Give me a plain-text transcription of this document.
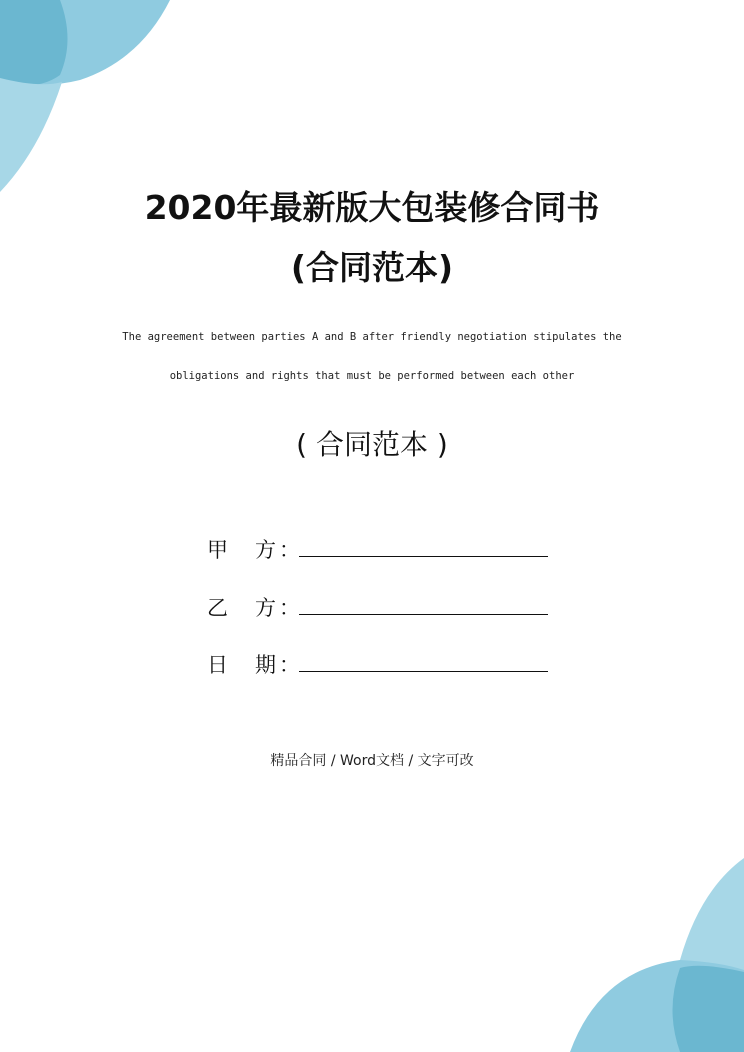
2020年最新版大包装修合同书
(合同范本)
The agreement between parties A and B after friendly negotiation stipulates the
obligations and rights that must be performed between each other
( 合同范本 )
甲 方 ：
乙 方 ：
日 期 ：
精品合同 / Word文档 / 文字可改
